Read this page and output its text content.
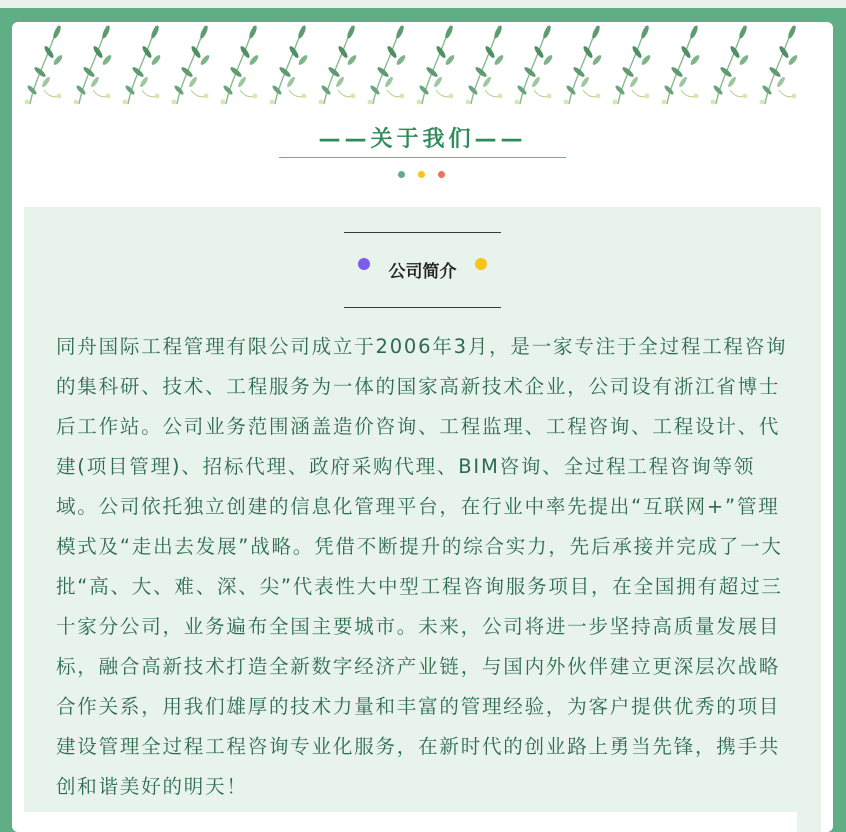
——关于我们——
公司简介

同舟国际工程管理有限公司成立于2006年3月，是一家专注于全过程工程咨询的集科研、技术、工程服务为一体的国家高新技术企业，公司设有浙江省博士后工作站。公司业务范围涵盖造价咨询、工程监理、工程咨询、工程设计、代建(项目管理)、招标代理、政府采购代理、BIM咨询、全过程工程咨询等领域。公司依托独立创建的信息化管理平台，在行业中率先提出“互联网+”管理模式及“走出去发展”战略。凭借不断提升的综合实力，先后承接并完成了一大批“高、大、难、深、尖”代表性大中型工程咨询服务项目，在全国拥有超过三十家分公司，业务遍布全国主要城市。未来，公司将进一步坚持高质量发展目标，融合高新技术打造全新数字经济产业链，与国内外伙伴建立更深层次战略合作关系，用我们雄厚的技术力量和丰富的管理经验，为客户提供优秀的项目建设管理全过程工程咨询专业化服务，在新时代的创业路上勇当先锋，携手共创和谐美好的明天！
